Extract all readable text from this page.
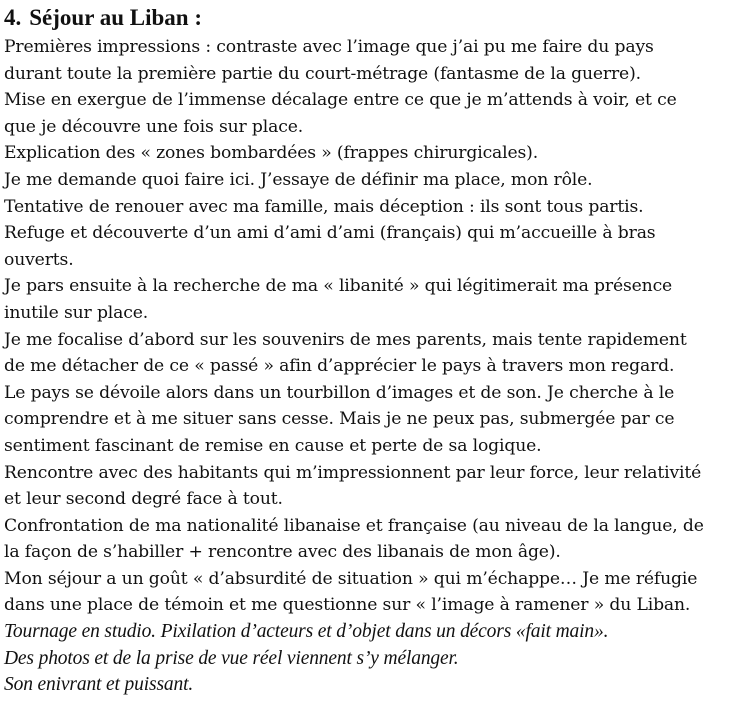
4. Séjour au Liban :
Premières impressions : contraste avec l’image que j’ai pu me faire du pays
durant toute la première partie du court-métrage (fantasme de la guerre).
Mise en exergue de l’immense décalage entre ce que je m’attends à voir, et ce
que je découvre une fois sur place.
Explication des « zones bombardées » (frappes chirurgicales).
Je me demande quoi faire ici. J’essaye de définir ma place, mon rôle.
Tentative de renouer avec ma famille, mais déception : ils sont tous partis.
Refuge et découverte d’un ami d’ami d’ami (français) qui m’accueille à bras
ouverts.
Je pars ensuite à la recherche de ma « libanité » qui légitimerait ma présence
inutile sur place.
Je me focalise d’abord sur les souvenirs de mes parents, mais tente rapidement
de me détacher de ce « passé » afin d’apprécier le pays à travers mon regard.
Le pays se dévoile alors dans un tourbillon d’images et de son. Je cherche à le
comprendre et à me situer sans cesse. Mais je ne peux pas, submergée par ce
sentiment fascinant de remise en cause et perte de sa logique.
Rencontre avec des habitants qui m’impressionnent par leur force, leur relativité
et leur second degré face à tout.
Confrontation de ma nationalité libanaise et française (au niveau de la langue, de
la façon de s’habiller + rencontre avec des libanais de mon âge).
Mon séjour a un goût « d’absurdité de situation » qui m’échappe… Je me réfugie
dans une place de témoin et me questionne sur « l’image à ramener » du Liban.
Tournage en studio. Pixilation d’acteurs et d’objet dans un décors «fait main».
Des photos et de la prise de vue réel viennent s’y mélanger.
Son enivrant et puissant.
